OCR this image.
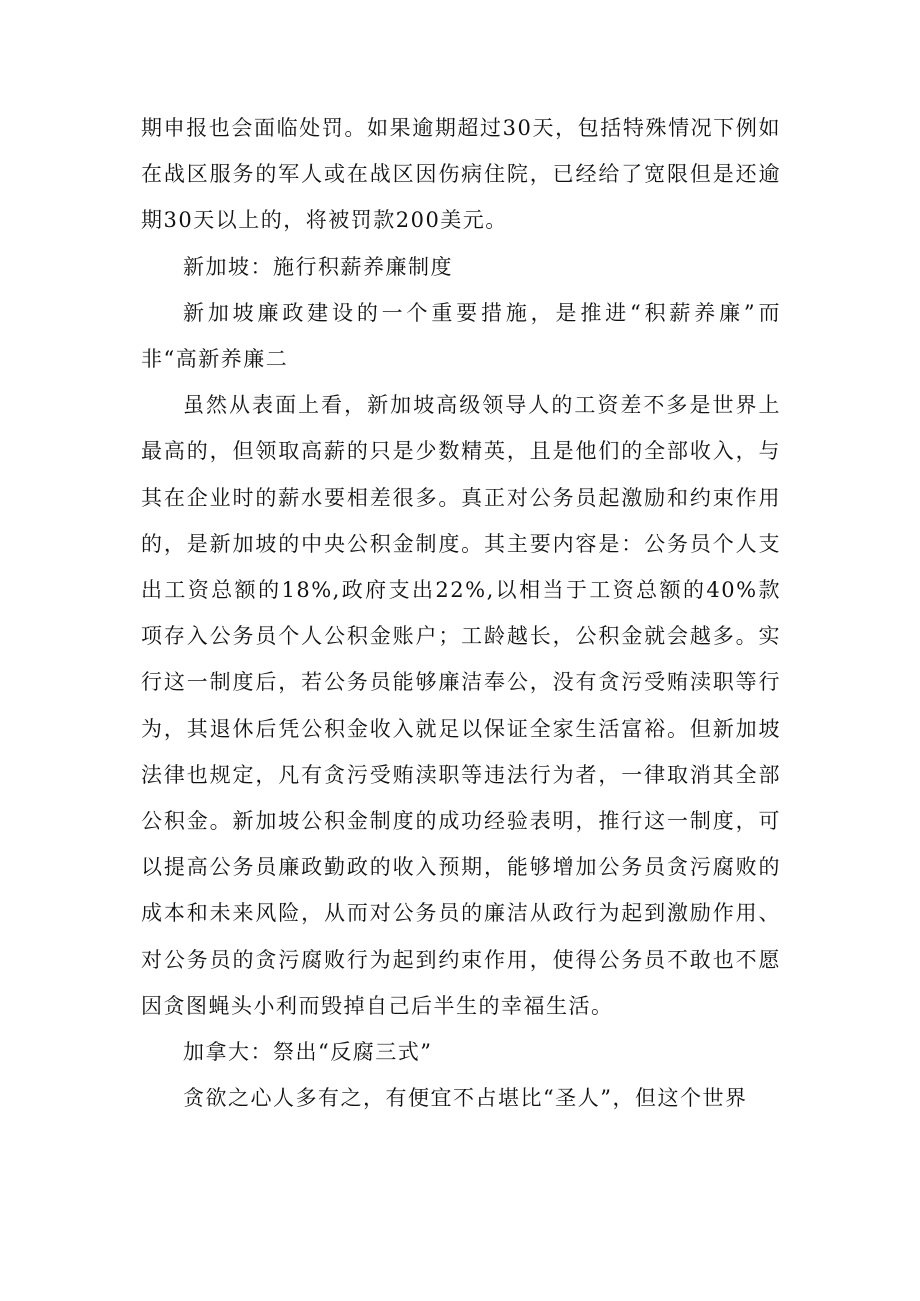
期申报也会面临处罚。如果逾期超过30天，包括特殊情况下例如在战区服务的军人或在战区因伤病住院，已经给了宽限但是还逾期30天以上的，将被罚款200美元。

新加坡：施行积薪养廉制度

新加坡廉政建设的一个重要措施，是推进“积薪养廉”而非“高新养廉二

虽然从表面上看，新加坡高级领导人的工资差不多是世界上最高的，但领取高薪的只是少数精英，且是他们的全部收入，与其在企业时的薪水要相差很多。真正对公务员起激励和约束作用的，是新加坡的中央公积金制度。其主要内容是：公务员个人支出工资总额的18%,政府支出22%,以相当于工资总额的40%款项存入公务员个人公积金账户；工龄越长，公积金就会越多。实行这一制度后，若公务员能够廉洁奉公，没有贪污受贿渎职等行为，其退休后凭公积金收入就足以保证全家生活富裕。但新加坡法律也规定，凡有贪污受贿渎职等违法行为者，一律取消其全部公积金。新加坡公积金制度的成功经验表明，推行这一制度，可以提高公务员廉政勤政的收入预期，能够增加公务员贪污腐败的成本和未来风险，从而对公务员的廉洁从政行为起到激励作用、对公务员的贪污腐败行为起到约束作用，使得公务员不敢也不愿因贪图蝇头小利而毁掉自己后半生的幸福生活。

加拿大：祭出“反腐三式”

贪欲之心人多有之，有便宜不占堪比“圣人”，但这个世界
